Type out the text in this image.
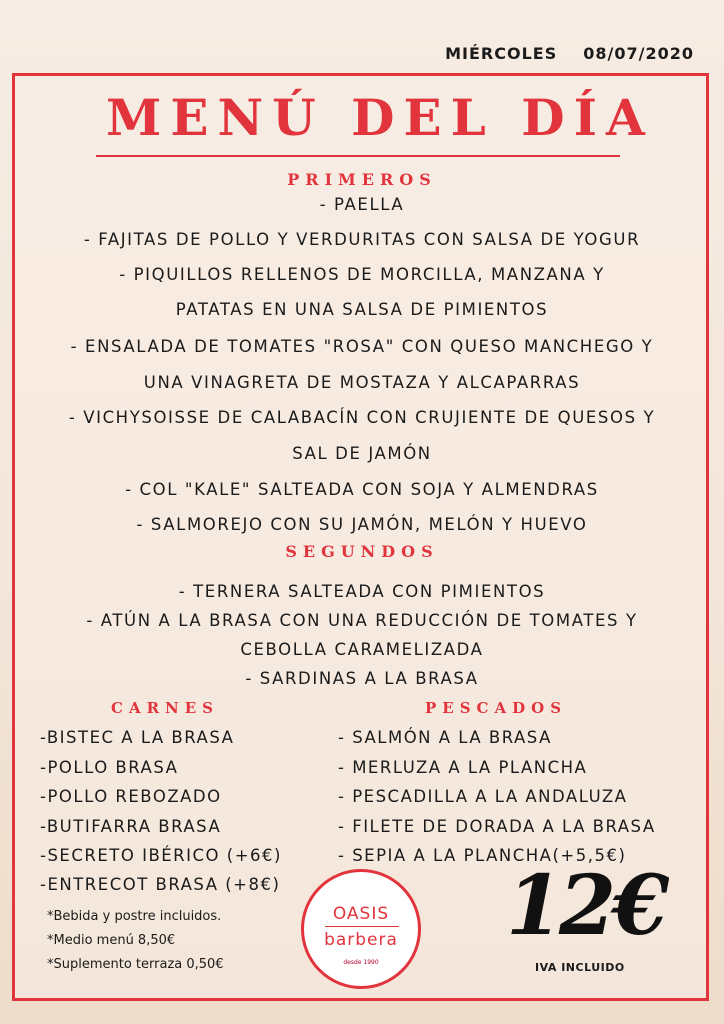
MIÉRCOLES 08/07/2020
MENÚ DEL DÍA
PRIMEROS
- PAELLA
- FAJITAS DE POLLO Y VERDURITAS CON SALSA DE YOGUR
- PIQUILLOS RELLENOS DE MORCILLA, MANZANA Y
PATATAS EN UNA SALSA DE PIMIENTOS
- ENSALADA DE TOMATES "ROSA" CON QUESO MANCHEGO Y
UNA VINAGRETA DE MOSTAZA Y ALCAPARRAS
- VICHYSOISSE DE CALABACÍN CON CRUJIENTE DE QUESOS Y
SAL DE JAMÓN
- COL "KALE" SALTEADA CON SOJA Y ALMENDRAS
- SALMOREJO CON SU JAMÓN, MELÓN Y HUEVO
SEGUNDOS
- TERNERA SALTEADA CON PIMIENTOS
- ATÚN A LA BRASA CON UNA REDUCCIÓN DE TOMATES Y
CEBOLLA CARAMELIZADA
- SARDINAS A LA BRASA
CARNES
-BISTEC A LA BRASA
-POLLO BRASA
-POLLO REBOZADO
-BUTIFARRA BRASA
-SECRETO IBÉRICO (+6€)
-ENTRECOT BRASA (+8€)
PESCADOS
- SALMÓN A LA BRASA
- MERLUZA A LA PLANCHA
- PESCADILLA A LA ANDALUZA
- FILETE DE DORADA A LA BRASA
- SEPIA A LA PLANCHA(+5,5€)
*Bebida y postre incluidos.
*Medio menú 8,50€
*Suplemento terraza 0,50€
OASIS
barbera
desde 1990
12€
IVA INCLUIDO
